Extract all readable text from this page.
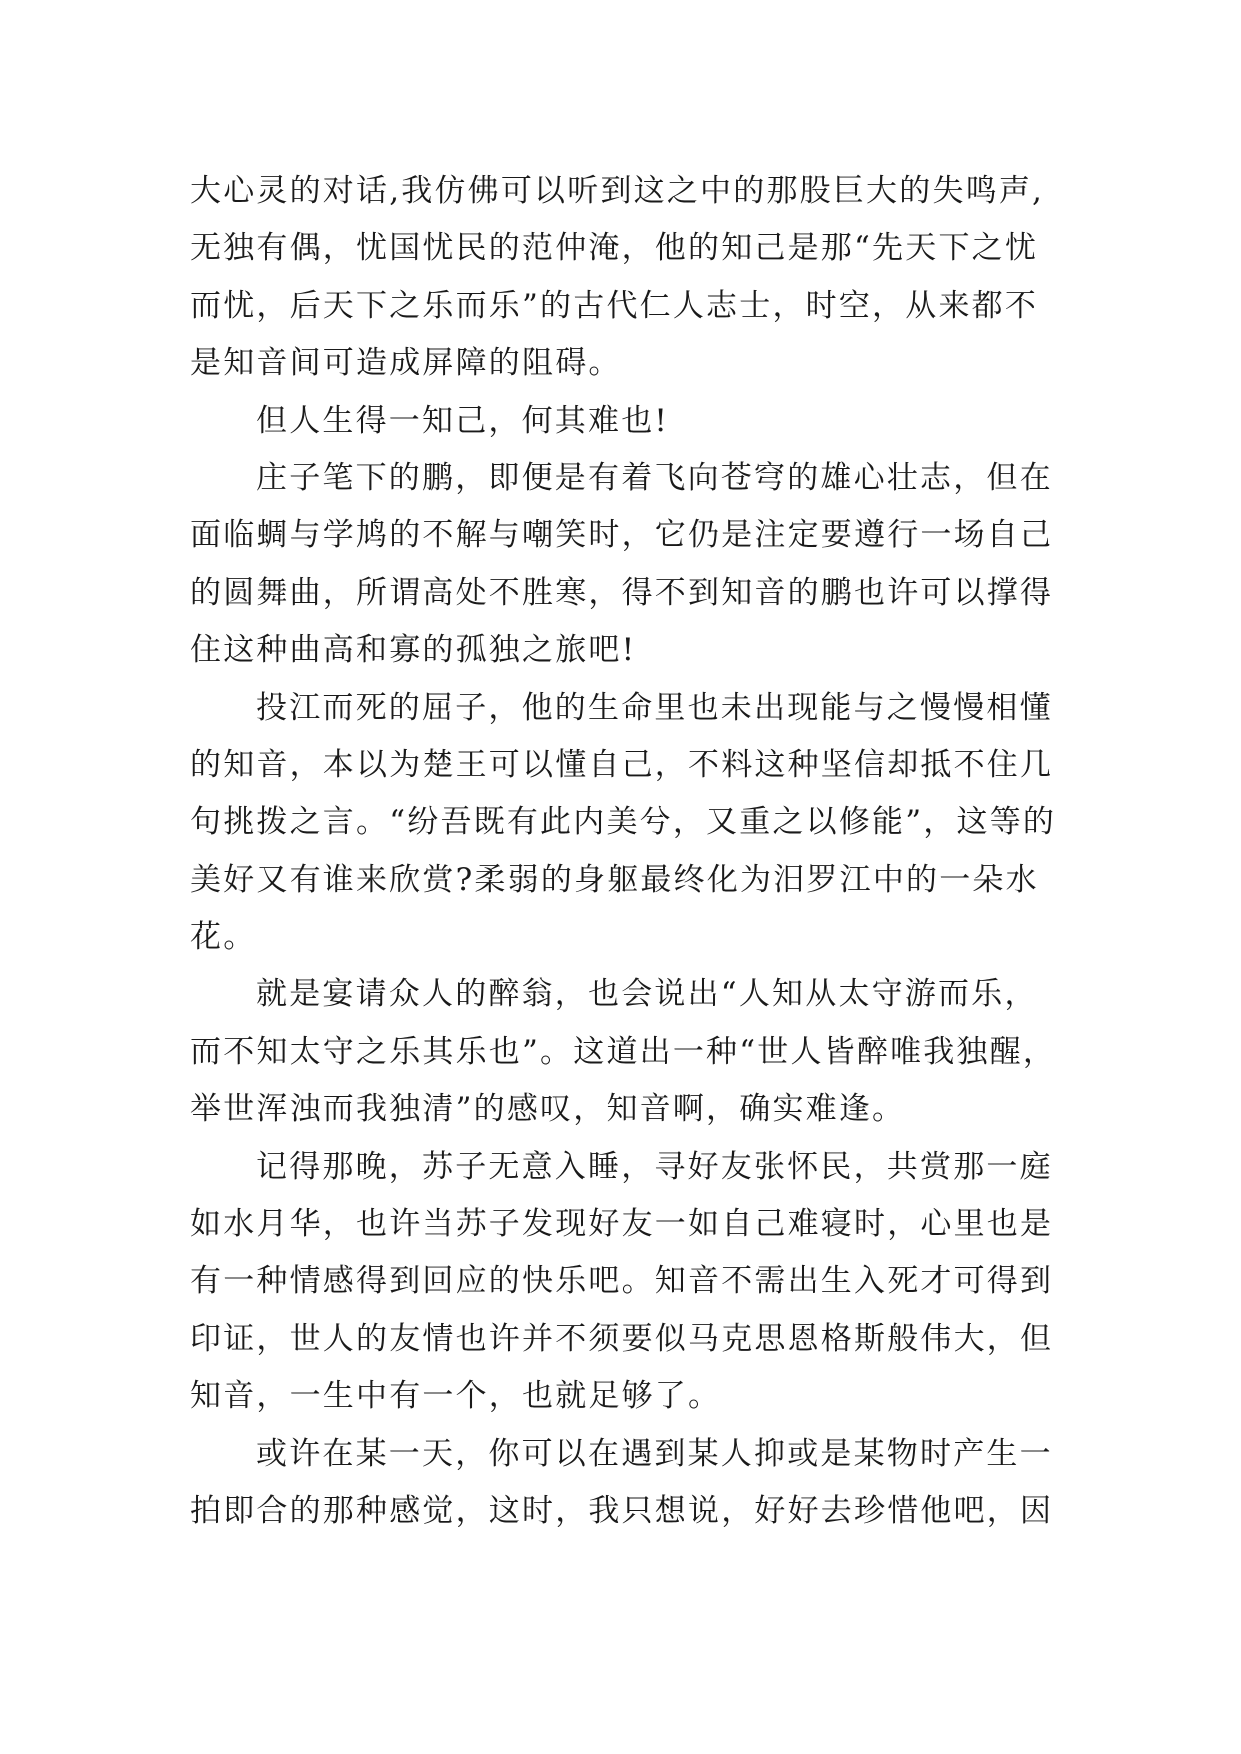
大心灵的对话,我仿佛可以听到这之中的那股巨大的失鸣声,
无独有偶，忧国忧民的范仲淹，他的知己是那“先天下之忧
而忧，后天下之乐而乐”的古代仁人志士，时空，从来都不
是知音间可造成屏障的阻碍。
但人生得一知己，何其难也!
庄子笔下的鹏，即便是有着飞向苍穹的雄心壮志，但在
面临蜩与学鸠的不解与嘲笑时，它仍是注定要遵行一场自己
的圆舞曲，所谓高处不胜寒，得不到知音的鹏也许可以撑得
住这种曲高和寡的孤独之旅吧!
投江而死的屈子，他的生命里也未出现能与之慢慢相懂
的知音，本以为楚王可以懂自己，不料这种坚信却抵不住几
句挑拨之言。“纷吾既有此内美兮，又重之以修能”，这等的
美好又有谁来欣赏?柔弱的身躯最终化为汨罗江中的一朵水
花。
就是宴请众人的醉翁，也会说出“人知从太守游而乐，
而不知太守之乐其乐也”。这道出一种“世人皆醉唯我独醒，
举世浑浊而我独清”的感叹，知音啊，确实难逢。
记得那晚，苏子无意入睡，寻好友张怀民，共赏那一庭
如水月华，也许当苏子发现好友一如自己难寝时，心里也是
有一种情感得到回应的快乐吧。知音不需出生入死才可得到
印证，世人的友情也许并不须要似马克思恩格斯般伟大，但
知音，一生中有一个，也就足够了。
或许在某一天，你可以在遇到某人抑或是某物时产生一
拍即合的那种感觉，这时，我只想说，好好去珍惜他吧，因
